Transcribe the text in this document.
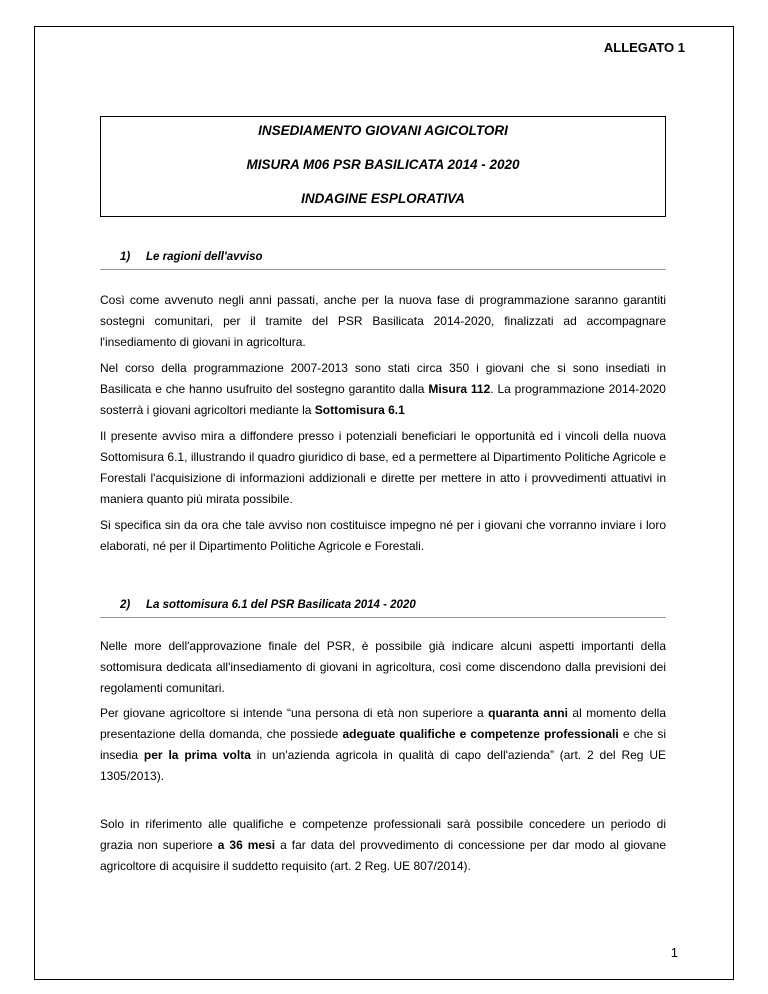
ALLEGATO 1

INSEDIAMENTO GIOVANI AGICOLTORI

MISURA M06 PSR BASILICATA 2014 - 2020

INDAGINE ESPLORATIVA

1) Le ragioni dell'avviso

Così come avvenuto negli anni passati, anche per la nuova fase di programmazione saranno garantiti sostegni comunitari, per il tramite del PSR Basilicata 2014-2020, finalizzati ad accompagnare l'insediamento di giovani in agricoltura.

Nel corso della programmazione 2007-2013 sono stati circa 350 i giovani che si sono insediati in Basilicata e che hanno usufruito del sostegno garantito dalla Misura 112. La programmazione 2014-2020 sosterrà i giovani agricoltori mediante la Sottomisura 6.1

Il presente avviso mira a diffondere presso i potenziali beneficiari le opportunità ed i vincoli della nuova Sottomisura 6.1, illustrando il quadro giuridico di base, ed a permettere al Dipartimento Politiche Agricole e Forestali l'acquisizione di informazioni addizionali e dirette per mettere in atto i provvedimenti attuativi in maniera quanto più mirata possibile.

Si specifica sin da ora che tale avviso non costituisce impegno né per i giovani che vorranno inviare i loro elaborati, né per il Dipartimento Politiche Agricole e Forestali.

2) La sottomisura 6.1 del PSR Basilicata 2014 - 2020

Nelle more dell'approvazione finale del PSR, è possibile già indicare alcuni aspetti importanti della sottomisura dedicata all'insediamento di giovani in agricoltura, così come discendono dalla previsioni dei regolamenti comunitari.

Per giovane agricoltore si intende “una persona di età non superiore a quaranta anni al momento della presentazione della domanda, che possiede adeguate qualifiche e competenze professionali e che si insedia per la prima volta in un'azienda agricola in qualità di capo dell'azienda” (art. 2 del Reg UE 1305/2013).

Solo in riferimento alle qualifiche e competenze professionali sarà possibile concedere un periodo di grazia non superiore a 36 mesi a far data del provvedimento di concessione per dar modo al giovane agricoltore di acquisire il suddetto requisito (art. 2 Reg. UE 807/2014).

1
